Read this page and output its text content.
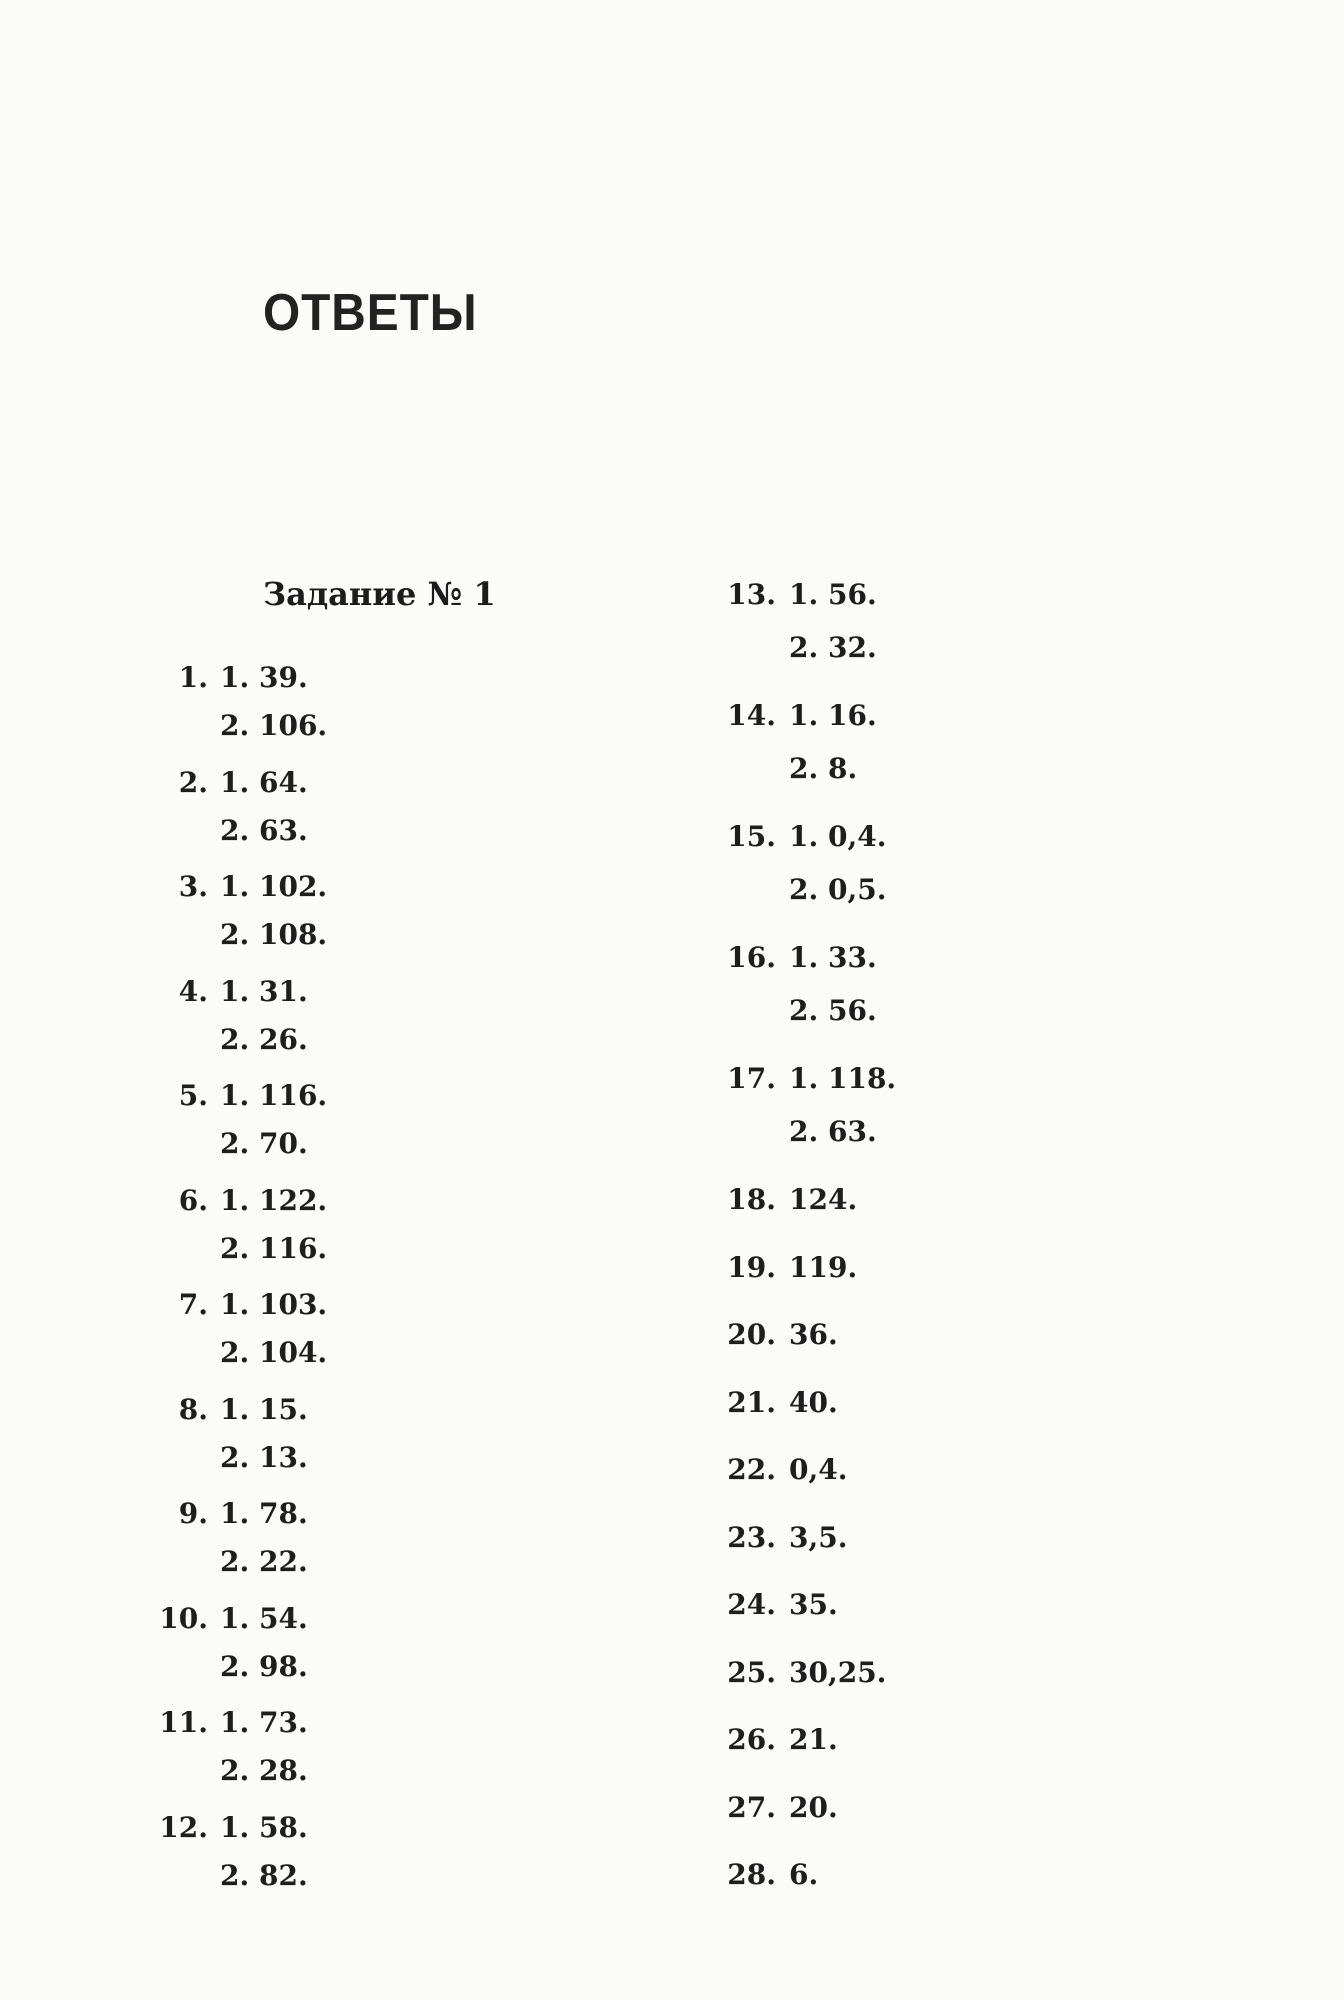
ОТВЕТЫ
Задание № 1
1. 1. 39.
2. 106.
2. 1. 64.
2. 63.
3. 1. 102.
2. 108.
4. 1. 31.
2. 26.
5. 1. 116.
2. 70.
6. 1. 122.
2. 116.
7. 1. 103.
2. 104.
8. 1. 15.
2. 13.
9. 1. 78.
2. 22.
10. 1. 54.
2. 98.
11. 1. 73.
2. 28.
12. 1. 58.
2. 82.
13. 1. 56.
2. 32.
14. 1. 16.
2. 8.
15. 1. 0,4.
2. 0,5.
16. 1. 33.
2. 56.
17. 1. 118.
2. 63.
18. 124.
19. 119.
20. 36.
21. 40.
22. 0,4.
23. 3,5.
24. 35.
25. 30,25.
26. 21.
27. 20.
28. 6.
